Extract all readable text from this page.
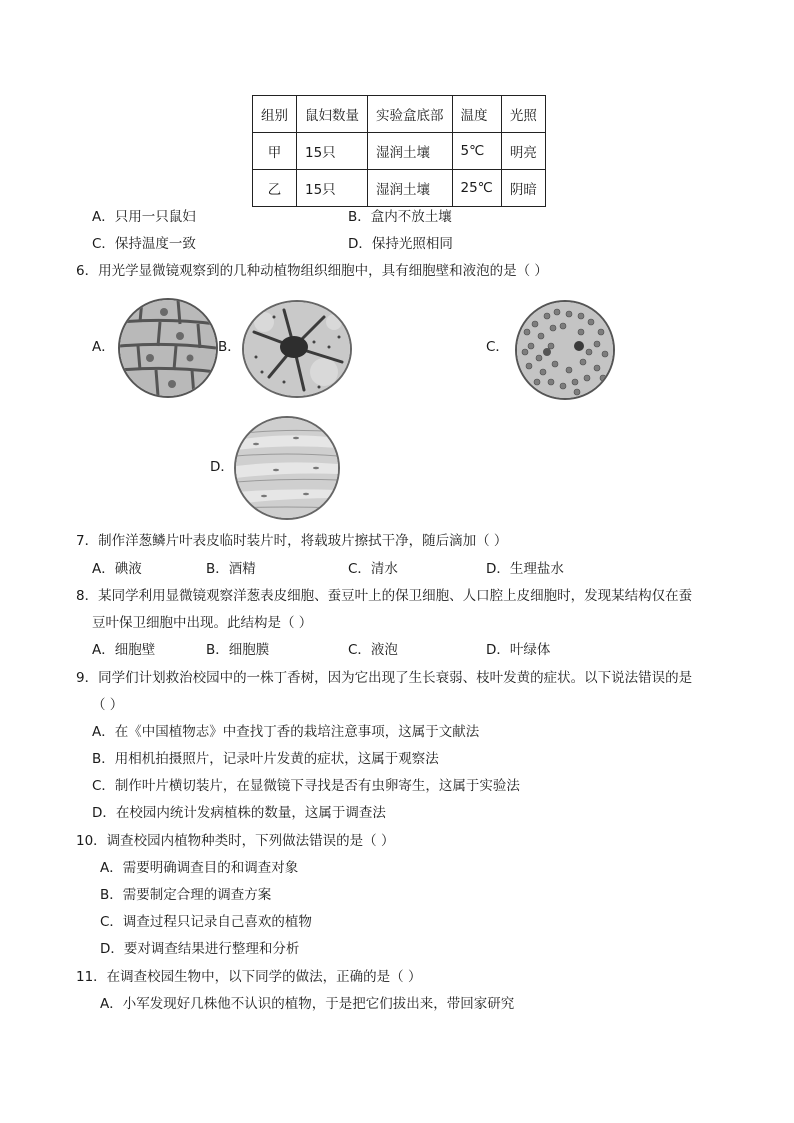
组别	鼠妇数量	实验盒底部	温度	光照
甲	15只	湿润土壤	5℃	明亮
乙	15只	湿润土壤	25℃	阴暗
A．只用一只鼠妇	B．盒内不放土壤
C．保持温度一致	D．保持光照相同
6．用光学显微镜观察到的几种动植物组织细胞中，具有细胞壁和液泡的是（ ）
A．	B．	C．
D．
7．制作洋葱鳞片叶表皮临时装片时，将载玻片擦拭干净，随后滴加（ ）
A．碘液	B．酒精	C．清水	D．生理盐水
8．某同学利用显微镜观察洋葱表皮细胞、蚕豆叶上的保卫细胞、人口腔上皮细胞时，发现某结构仅在蚕
豆叶保卫细胞中出现。此结构是（ ）
A．细胞壁	B．细胞膜	C．液泡	D．叶绿体
9．同学们计划救治校园中的一株丁香树，因为它出现了生长衰弱、枝叶发黄的症状。以下说法错误的是
（ ）
A．在《中国植物志》中查找丁香的栽培注意事项，这属于文献法
B．用相机拍摄照片，记录叶片发黄的症状，这属于观察法
C．制作叶片横切装片，在显微镜下寻找是否有虫卵寄生，这属于实验法
D．在校园内统计发病植株的数量，这属于调查法
10．调查校园内植物种类时，下列做法错误的是（ ）
A．需要明确调查目的和调查对象
B．需要制定合理的调查方案
C．调查过程只记录自己喜欢的植物
D．要对调查结果进行整理和分析
11．在调查校园生物中，以下同学的做法，正确的是（ ）
A．小军发现好几株他不认识的植物，于是把它们拔出来，带回家研究
